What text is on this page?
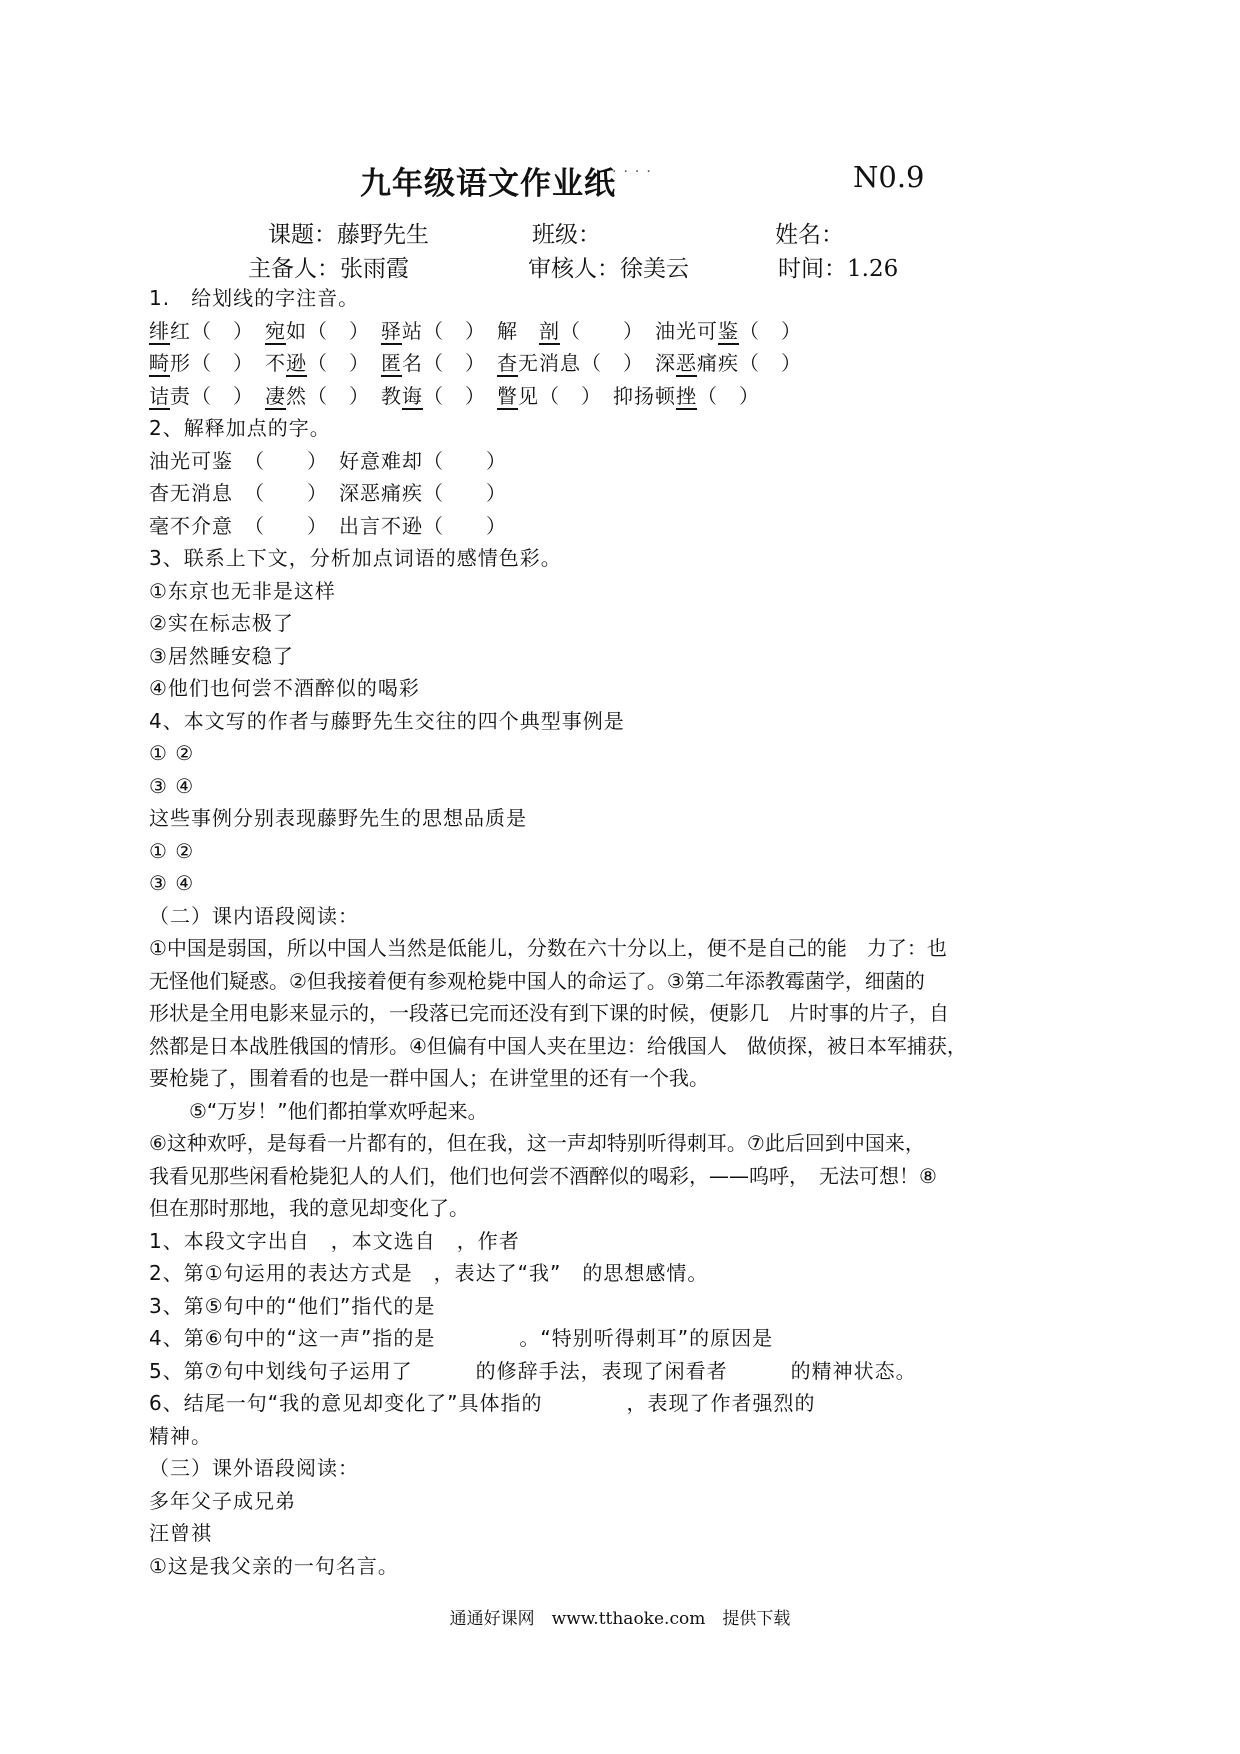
九年级语文作业纸
....	N0.9
课题：藤野先生	班级：	姓名：
主备人：张雨霞	审核人：徐美云	时间：1.26
1.　给划线的字注音。
绯红（　）　宛如（　）　驿站（　）　解　剖（　　）　油光可鉴（　）
畸形（　）　不逊（　）　匿名（　）　杳无消息（　）　深恶痛疾（　）
诘责（　）　凄然（　）　教诲（　）　瞥见（　）　抑扬顿挫（　）
2、解释加点的字。
油光可鉴　（　　）　好意难却（　　）
杳无消息　（　　）　深恶痛疾（　　）
毫不介意　（　　）　出言不逊（　　）
3、联系上下文，分析加点词语的感情色彩。
①东京也无非是这样
②实在标志极了
③居然睡安稳了
④他们也何尝不酒醉似的喝彩
4、本文写的作者与藤野先生交往的四个典型事例是
① ②
③ ④
这些事例分别表现藤野先生的思想品质是
① ②
③ ④
（二）课内语段阅读：
①中国是弱国，所以中国人当然是低能儿，分数在六十分以上，便不是自己的能　力了：也
无怪他们疑惑。②但我接着便有参观枪毙中国人的命运了。③第二年添教霉菌学，细菌的
形状是全用电影来显示的，一段落已完而还没有到下课的时候，便影几　片时事的片子，自
然都是日本战胜俄国的情形。④但偏有中国人夹在里边：给俄国人　做侦探，被日本军捕获，
要枪毙了，围着看的也是一群中国人；在讲堂里的还有一个我。
　　⑤“万岁！”他们都拍掌欢呼起来。
⑥这种欢呼，是每看一片都有的，但在我，这一声却特别听得刺耳。⑦此后回到中国来，
我看见那些闲看枪毙犯人的人们，他们也何尝不酒醉似的喝彩，——呜呼，　无法可想！⑧
但在那时那地，我的意见却变化了。
1、本段文字出自　，本文选自　，作者
2、第①句运用的表达方式是　，表达了“我”　的思想感情。
3、第⑤句中的“他们”指代的是
4、第⑥句中的“这一声”指的是　　　　。“特别听得刺耳”的原因是
5、第⑦句中划线句子运用了　　　的修辞手法，表现了闲看者　　　的精神状态。
6、结尾一句“我的意见却变化了”具体指的　　　　，表现了作者强烈的
精神。
（三）课外语段阅读：
多年父子成兄弟
汪曾祺
①这是我父亲的一句名言。
通通好课网　www.tthaoke.com　提供下载
